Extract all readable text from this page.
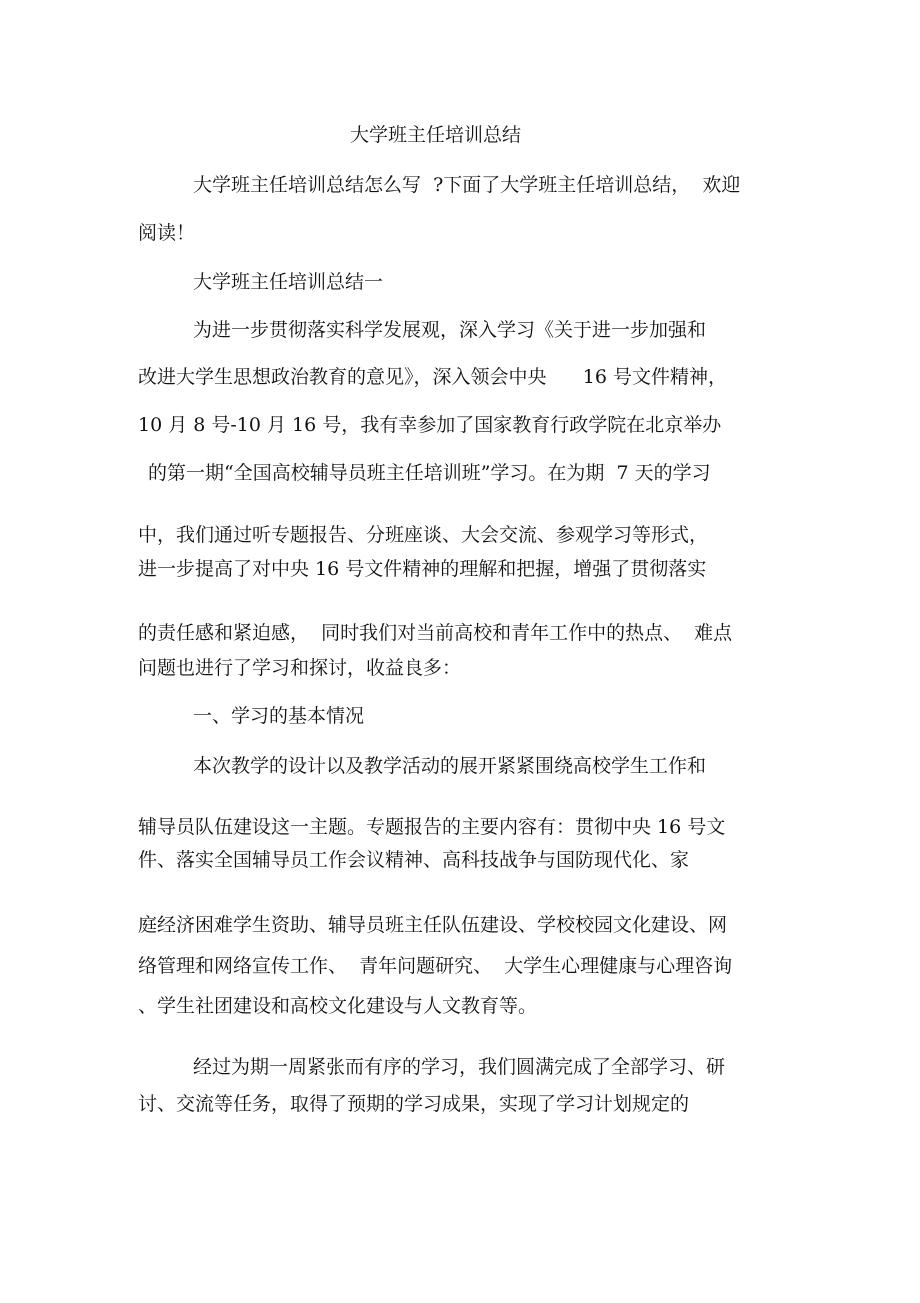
大学班主任培训总结
大学班主任培训总结怎么写  ?下面了大学班主任培训总结，  欢迎
阅读！
大学班主任培训总结一
为进一步贯彻落实科学发展观，深入学习《关于进一步加强和
改进大学生思想政治教育的意见》，深入领会中央      16 号文件精神，
10 月 8 号-10 月 16 号，我有幸参加了国家教育行政学院在北京举办
的第一期“全国高校辅导员班主任培训班”学习。在为期  7 天的学习
中，我们通过听专题报告、分班座谈、大会交流、参观学习等形式，
进一步提高了对中央 16 号文件精神的理解和把握，增强了贯彻落实
的责任感和紧迫感，  同时我们对当前高校和青年工作中的热点、  难点
问题也进行了学习和探讨，收益良多：
一、学习的基本情况
本次教学的设计以及教学活动的展开紧紧围绕高校学生工作和
辅导员队伍建设这一主题。专题报告的主要内容有：贯彻中央 16 号文
件、落实全国辅导员工作会议精神、高科技战争与国防现代化、家
庭经济困难学生资助、辅导员班主任队伍建设、学校校园文化建设、网
络管理和网络宣传工作、  青年问题研究、  大学生心理健康与心理咨询
、学生社团建设和高校文化建设与人文教育等。
经过为期一周紧张而有序的学习，我们圆满完成了全部学习、研
讨、交流等任务，取得了预期的学习成果，实现了学习计划规定的
